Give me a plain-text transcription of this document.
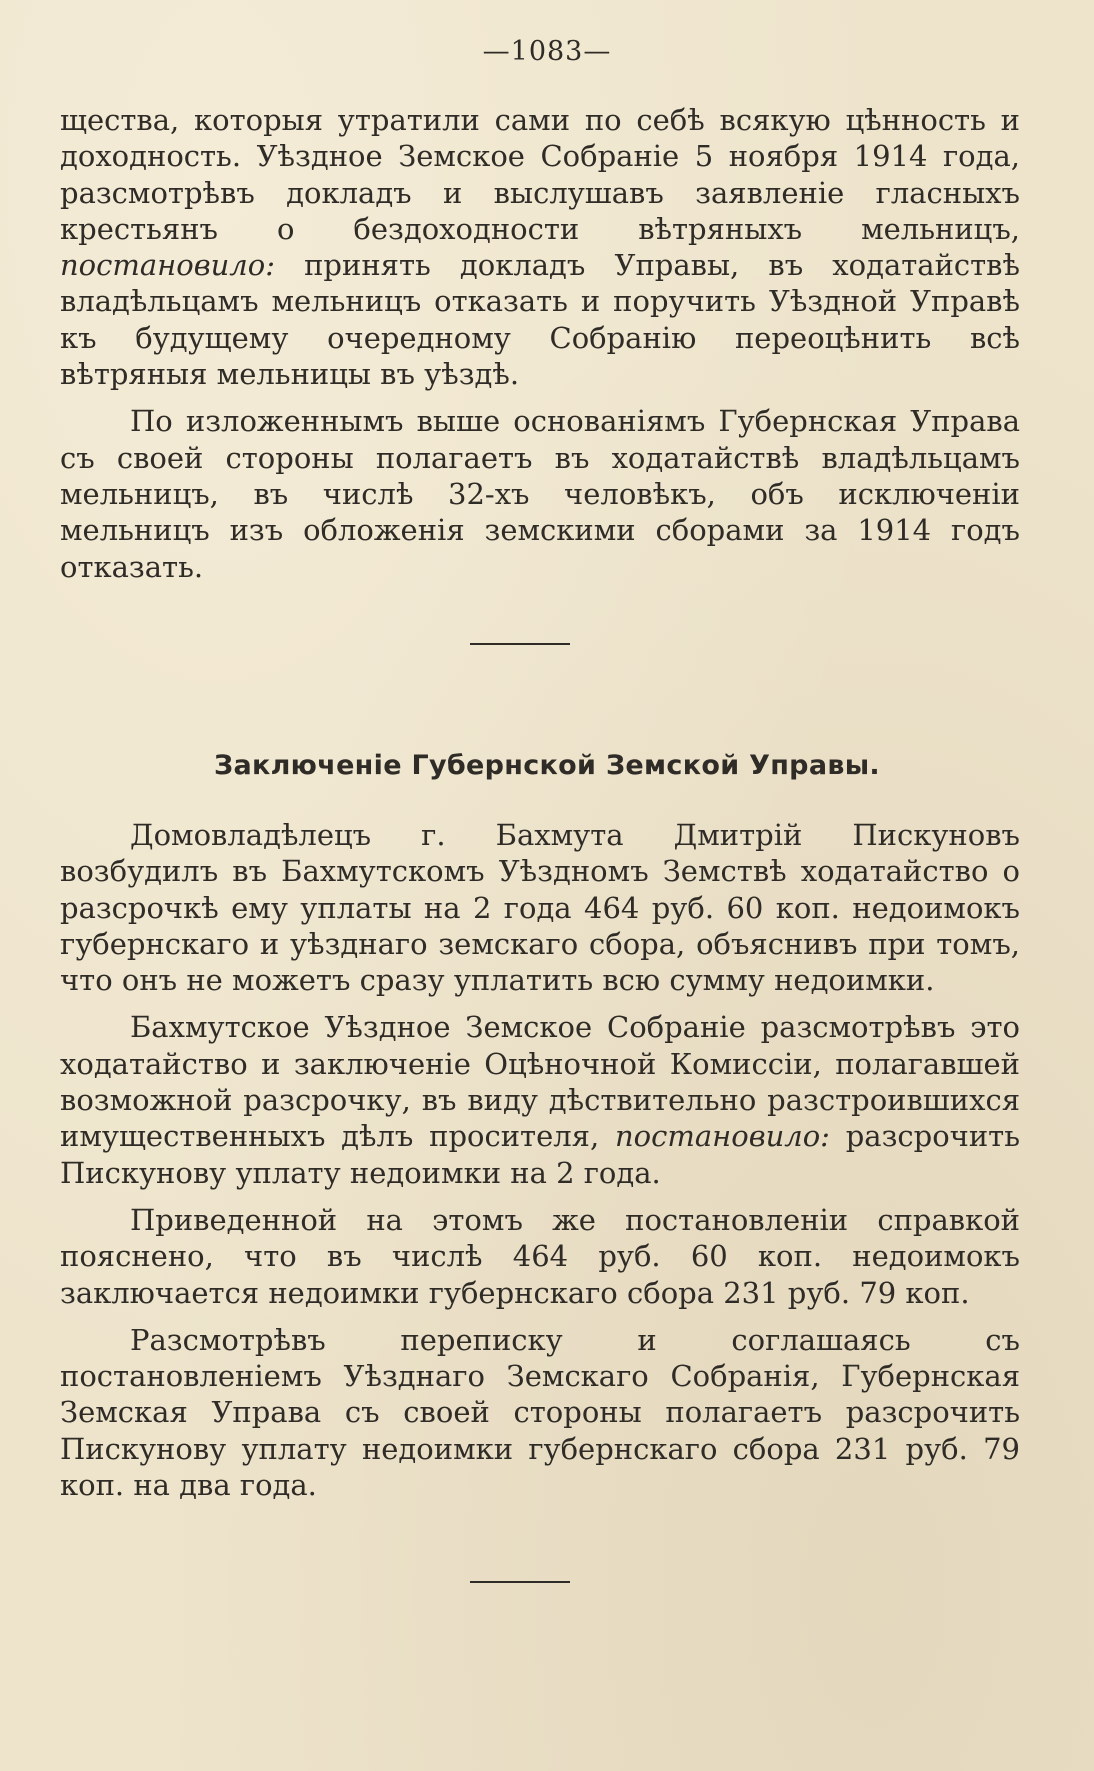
—1083—

щества, которыя утратили сами по себѣ всякую цѣнность и доходность. Уѣздное Земское Собраніе 5 ноября 1914 года, разсмотрѣвъ докладъ и выслушавъ заявленіе гласныхъ крестьянъ о бездоходности вѣтряныхъ мельницъ, постановило: принять докладъ Управы, въ ходатайствѣ владѣльцамъ мельницъ отказать и поручить Уѣздной Управѣ къ будущему очередному Собранію переоцѣнить всѣ вѣтряныя мельницы въ уѣздѣ.

По изложеннымъ выше основаніямъ Губернская Управа съ своей стороны полагаетъ въ ходатайствѣ владѣльцамъ мельницъ, въ числѣ 32-хъ человѣкъ, объ исключеніи мельницъ изъ обложенія земскими сборами за 1914 годъ отказать.

Заключеніе Губернской Земской Управы.

Домовладѣлецъ г. Бахмута Дмитрій Пискуновъ возбудилъ въ Бахмутскомъ Уѣздномъ Земствѣ ходатайство о разсрочкѣ ему уплаты на 2 года 464 руб. 60 коп. недоимокъ губернскаго и уѣзднаго земскаго сбора, объяснивъ при томъ, что онъ не можетъ сразу уплатить всю сумму недоимки.

Бахмутское Уѣздное Земское Собраніе разсмотрѣвъ это ходатайство и заключеніе Оцѣночной Комиссіи, полагавшей возможной разсрочку, въ виду дѣствительно разстроившихся имущественныхъ дѣлъ просителя, постановило: разсрочить Пискунову уплату недоимки на 2 года.

Приведенной на этомъ же постановленіи справкой пояснено, что въ числѣ 464 руб. 60 коп. недоимокъ заключается недоимки губернскаго сбора 231 руб. 79 коп.

Разсмотрѣвъ переписку и соглашаясь съ постановленіемъ Уѣзднаго Земскаго Собранія, Губернская Земская Управа съ своей стороны полагаетъ разсрочить Пискунову уплату недоимки губернскаго сбора 231 руб. 79 коп. на два года.
